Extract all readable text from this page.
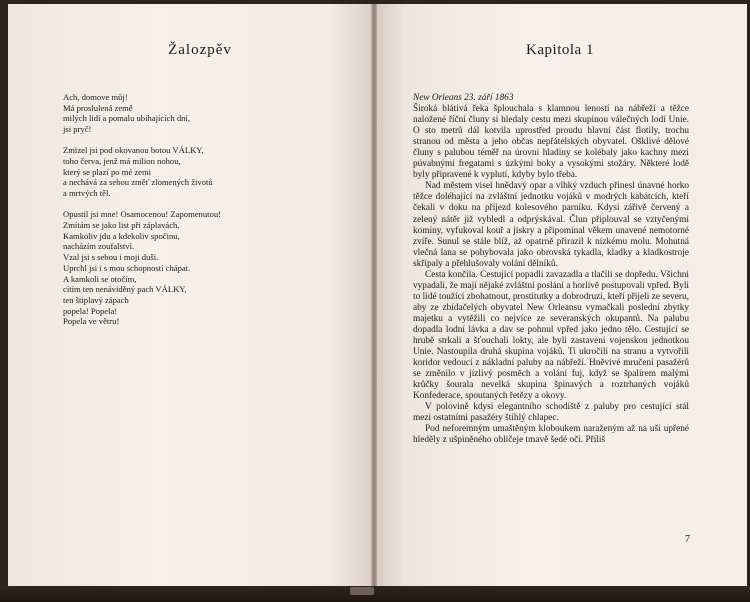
Žalozpěv
Ach, domove můj!
Má proslulená země
milých lidí a pomalu ubíhajících dní,
jsi pryč!
Zmizel jsi pod okovanou botou VÁLKY,
toho červa, jenž má milion nohou,
který se plazí po mé zemi
a nechává za sebou změť zlomených životů
a mrtvých těl.
Opustil jsi mne! Osamocenou! Zapomenutou!
Zmítám se jako list při záplavách.
Kamkoliv jdu a kdekoliv spočinu,
nacházím zoufalství.
Vzal jsi s sebou i moji duši.
Uprchl jsi i s mou schopností chápat.
A kamkoli se otočím,
cítím ten nenáviděný pach VÁLKY,
ten štiplavý zápach
popela! Popela!
Popela ve větru!
Kapitola 1
New Orleans 23. září 1863

Široká blátivá řeka šplouchala s klamnou leností na nábřeží a těžce naložené říční čluny si hledaly cestu mezi skupinou válečných lodí Unie. O sto metrů dál kotvila uprostřed proudu hlavní část flotily, trochu stranou od města a jeho občas nepřátelských obyvatel. Ošklivé dělové čluny s palubou téměř na úrovni hladiny se kolébaly jako kachny mezi púvabnými fregatami s úzkými boky a vysokými stožáry. Některé lodě byly připravené k vyplutí, kdyby bylo třeba.

Nad městem visel hnědavý opar a vlhký vzduch přinesl únavné horko těžce doléhající na zvláštní jednotku vojáků v modrých kabátcích, kteří čekali v doku na příjezd kolesového parníku. Kdysi zářivě červený a zelený nátěr již vybledl a odprýskával. Člun připlouval se vztyčenými komíny, vyfukoval kouř a jiskry a připomínal věkem unavené nemotorné zvíře. Sunul se stále blíž, až opatrně přirazil k nízkému molu. Mohutná vlečná lana se pohybovala jako obrovská tykadla, kladky a kladkostroje skřípaly a přehlušovaly volání dělníků.

Cesta končila. Cestující popadli zavazadla a tlačili se dopředu. Všichni vypadali, že mají nějaké zvláštní poslání a horlivě postupovali vpřed. Byli to lidé toužící zbohatnout, prostitutky a dobrodruzi, kteří přijeli ze severu, aby ze zbídačelých obyvatel New Orleansu vymačkali poslední zbytky majetku a vytěžili co nejvíce ze severanských okupantů. Na palubu dopadla lodní lávka a dav se pohnul vpřed jako jedno tělo. Cestující se hrubě strkali a šťouchali lokty, ale byli zastaveni vojenskou jednotkou Unie. Nastoupila druhá skupina vojáků. Ti ukročili na stranu a vytvořili koridor vedoucí z nákladní paluby na nábřeží. Hněvivé mručení pasažérů se změnilo v jízlivý posměch a volání fuj, když se špalírem malými krůčky šourala nevelká skupina špinavých a roztrhaných vojáků Konfederace, spoutaných řetězy a okovy.

V polovině kdysi elegantního schodiště z paluby pro cestující stál mezi ostatními pasažéry štíhlý chlapec.

Pod neforemným umaštěným kloboukem naraženým až na uši upřené hleděly z ušpiněného obličeje tmavě šedé oči. Příliš

7
